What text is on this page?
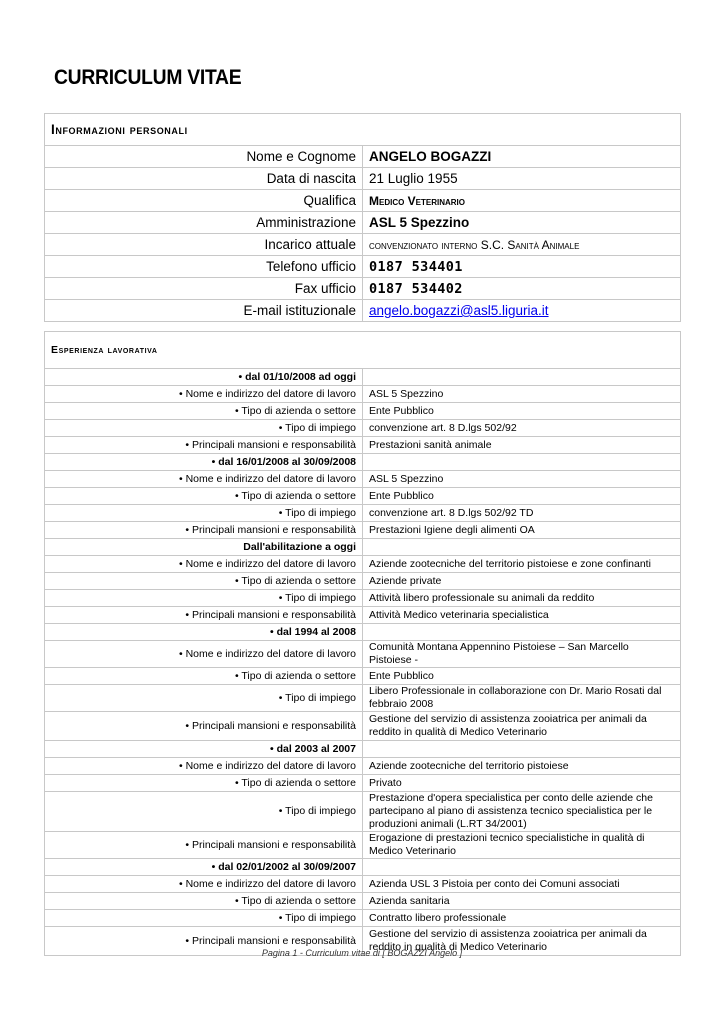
CURRICULUM VITAE
Informazioni personali	
Nome e Cognome	ANGELO BOGAZZI
Data di nascita	21 Luglio 1955
Qualifica	Medico Veterinario
Amministrazione	ASL 5 Spezzino
Incarico attuale	convenzionato interno S.C. Sanità Animale
Telefono ufficio	0187 534401
Fax ufficio	0187 534402
E-mail istituzionale	angelo.bogazzi@asl5.liguria.it
Esperienza lavorativa	
• dal 01/10/2008 ad oggi	
• Nome e indirizzo del datore di lavoro	ASL 5 Spezzino
• Tipo di azienda o settore	Ente Pubblico
• Tipo di impiego	convenzione art. 8 D.lgs 502/92
• Principali mansioni e responsabilità	Prestazioni sanità animale
• dal 16/01/2008 al 30/09/2008	
• Nome e indirizzo del datore di lavoro	ASL 5 Spezzino
• Tipo di azienda o settore	Ente Pubblico
• Tipo di impiego	convenzione art. 8 D.lgs 502/92 TD
• Principali mansioni e responsabilità	Prestazioni Igiene degli alimenti OA
Dall'abilitazione a oggi	
• Nome e indirizzo del datore di lavoro	Aziende zootecniche del territorio pistoiese e zone confinanti
• Tipo di azienda o settore	Aziende private
• Tipo di impiego	Attività libero professionale su animali da reddito
• Principali mansioni e responsabilità	Attività Medico veterinaria specialistica
• dal 1994 al 2008	
• Nome e indirizzo del datore di lavoro	Comunità Montana Appennino Pistoiese – San Marcello Pistoiese -
• Tipo di azienda o settore	Ente Pubblico
• Tipo di impiego	Libero Professionale in collaborazione con Dr. Mario Rosati dal febbraio 2008
• Principali mansioni e responsabilità	Gestione del servizio di assistenza zooiatrica per animali da reddito in qualità di Medico Veterinario
• dal 2003 al 2007	
• Nome e indirizzo del datore di lavoro	Aziende zootecniche del territorio pistoiese
• Tipo di azienda o settore	Privato
• Tipo di impiego	Prestazione d'opera specialistica per conto delle aziende che partecipano al piano di assistenza tecnico specialistica per le produzioni animali (L.RT 34/2001)
• Principali mansioni e responsabilità	Erogazione di prestazioni tecnico specialistiche in qualità di Medico Veterinario
• dal 02/01/2002 al 30/09/2007	
• Nome e indirizzo del datore di lavoro	Azienda USL 3 Pistoia per conto dei Comuni associati
• Tipo di azienda o settore	Azienda sanitaria
• Tipo di impiego	Contratto libero professionale
• Principali mansioni e responsabilità	Gestione del servizio di assistenza zooiatrica per animali da reddito in qualità di Medico Veterinario
Pagina 1 - Curriculum vitae di [ BOGAZZI Angelo ]
